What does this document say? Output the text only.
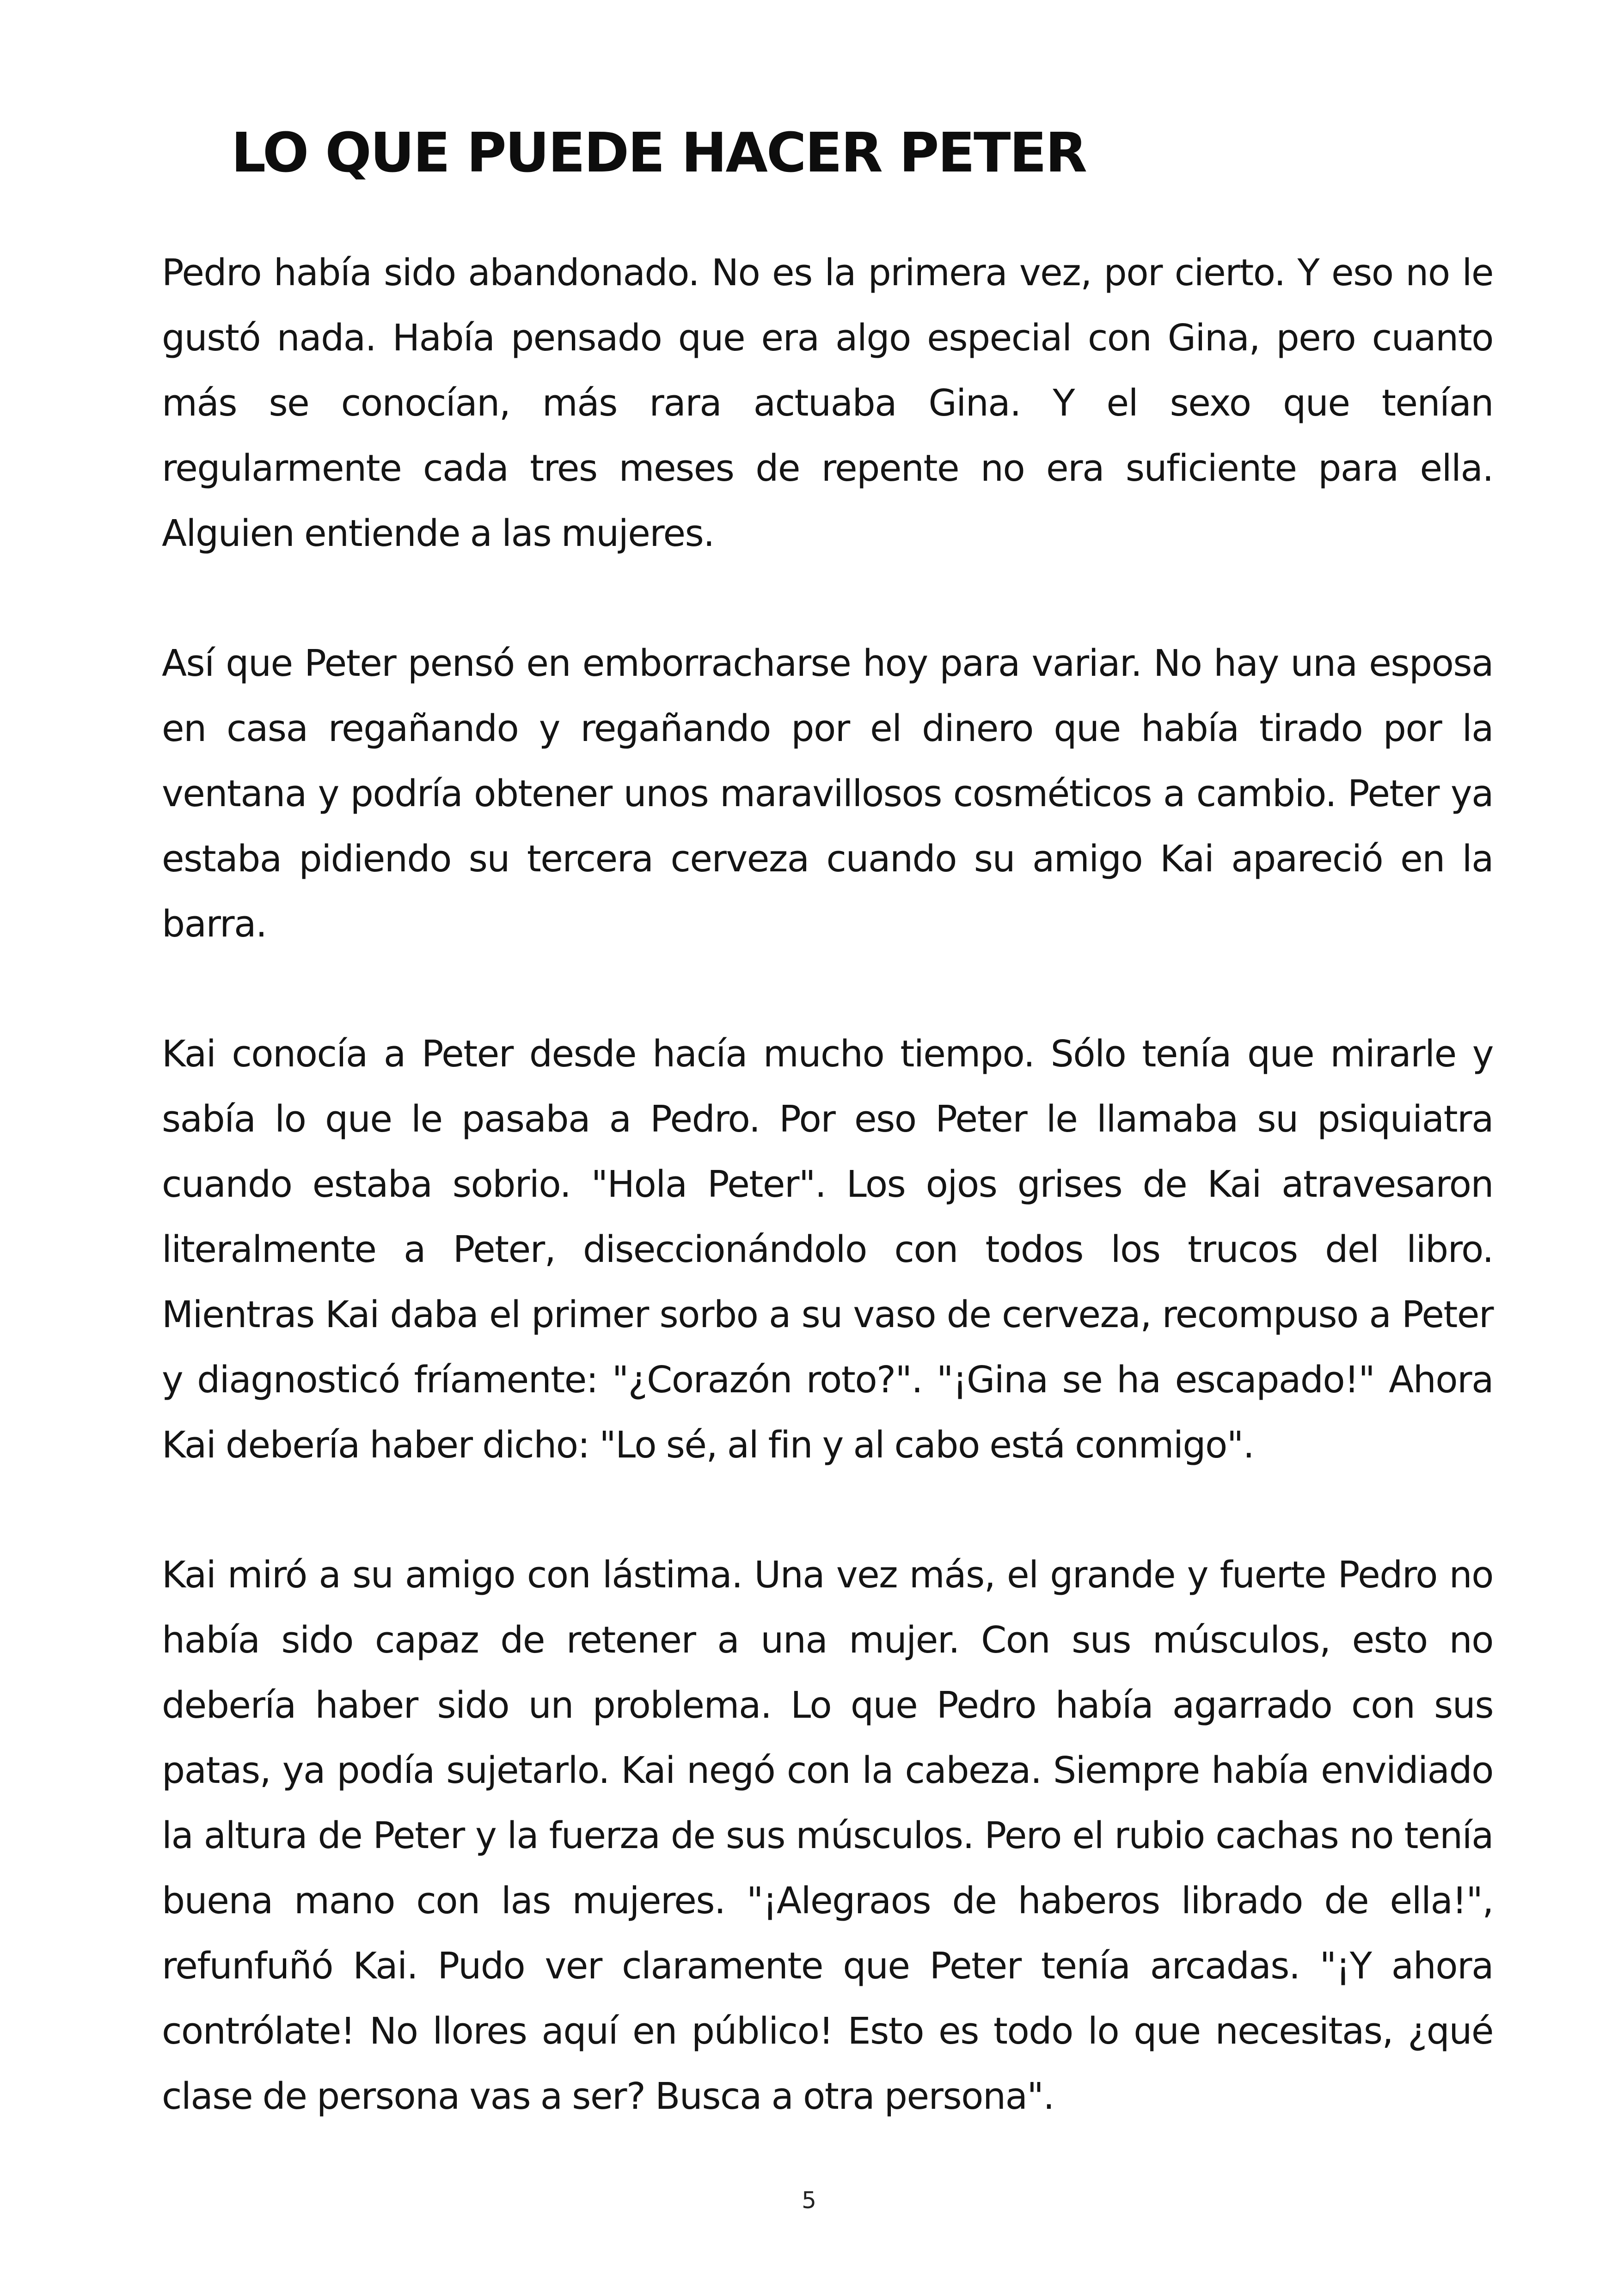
LO QUE PUEDE HACER PETER

Pedro había sido abandonado. No es la primera vez, por cierto. Y eso no le gustó nada. Había pensado que era algo especial con Gina, pero cuanto más se conocían, más rara actuaba Gina. Y el sexo que tenían regularmente cada tres meses de repente no era suficiente para ella. Alguien entiende a las mujeres.

Así que Peter pensó en emborracharse hoy para variar. No hay una esposa en casa regañando y regañando por el dinero que había tirado por la ventana y podría obtener unos maravillosos cosméticos a cambio. Peter ya estaba pidiendo su tercera cerveza cuando su amigo Kai apareció en la barra.

Kai conocía a Peter desde hacía mucho tiempo. Sólo tenía que mirarle y sabía lo que le pasaba a Pedro. Por eso Peter le llamaba su psiquiatra cuando estaba sobrio. "Hola Peter". Los ojos grises de Kai atravesaron literalmente a Peter, diseccionándolo con todos los trucos del libro. Mientras Kai daba el primer sorbo a su vaso de cerveza, recompuso a Peter y diagnosticó fríamente: "¿Corazón roto?". "¡Gina se ha escapado!" Ahora Kai debería haber dicho: "Lo sé, al fin y al cabo está conmigo".

Kai miró a su amigo con lástima. Una vez más, el grande y fuerte Pedro no había sido capaz de retener a una mujer. Con sus músculos, esto no debería haber sido un problema. Lo que Pedro había agarrado con sus patas, ya podía sujetarlo. Kai negó con la cabeza. Siempre había envidiado la altura de Peter y la fuerza de sus músculos. Pero el rubio cachas no tenía buena mano con las mujeres. "¡Alegraos de haberos librado de ella!", refunfuñó Kai. Pudo ver claramente que Peter tenía arcadas. "¡Y ahora contrólate! No llores aquí en público! Esto es todo lo que necesitas, ¿qué clase de persona vas a ser? Busca a otra persona".

5
